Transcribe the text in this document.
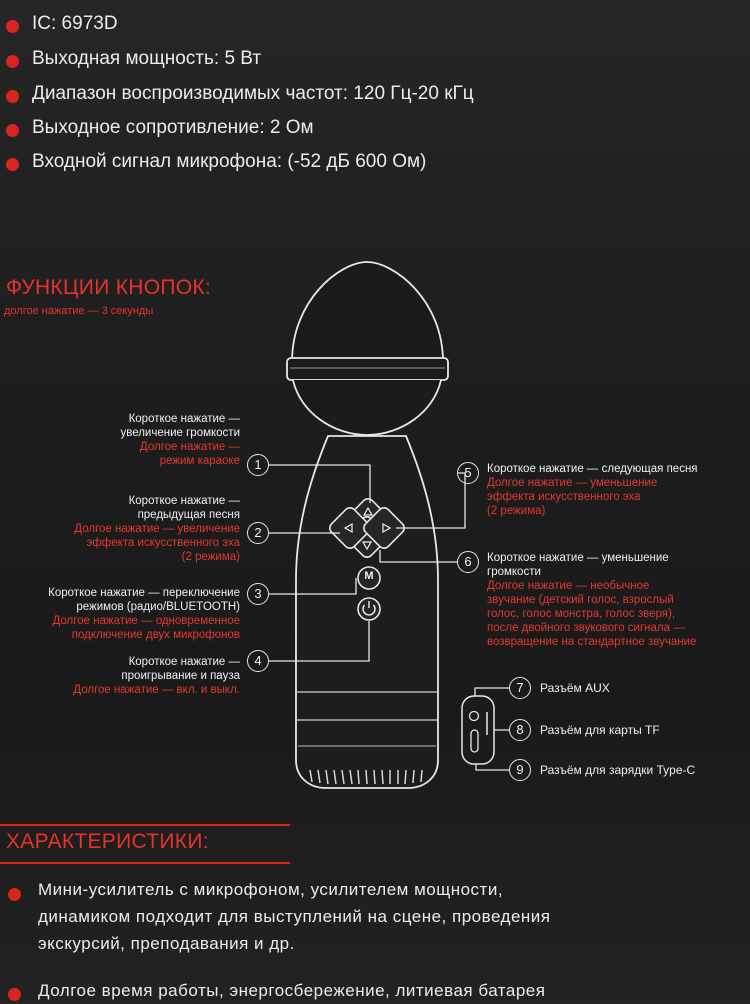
IC: 6973D
Выходная мощность: 5 Вт
Диапазон воспроизводимых частот: 120 Гц-20 кГц
Выходное сопротивление: 2 Ом
Входной сигнал микрофона: (-52 дБ 600 Ом)
ФУНКЦИИ КНОПОК:
долгое нажатие — 3 секунды
M
1
2
3
4
5
6
7
8
9
Короткое нажатие —
увеличение громкости
Долгое нажатие —
режим караоке
Короткое нажатие —
предыдущая песня
Долгое нажатие — увеличение
эффекта искусственного эха
(2 режима)
Короткое нажатие — переключение
режимов (радио/BLUETOOTH)
Долгое нажатие — одновременное
подключение двух микрофонов
Короткое нажатие —
проигрывание и пауза
Долгое нажатие — вкл. и выкл.
Короткое нажатие — следующая песня
Долгое нажатие — уменьшение
эффекта искусственного эха
(2 режима)
Короткое нажатие — уменьшение
громкости
Долгое нажатие — необычное
звучание (детский голос, взрослый
голос, голос монстра, голос зверя),
после двойного звукового сигнала —
возвращение на стандартное звучание
Разъём AUX
Разъём для карты TF
Разъём для зарядки Type-C
ХАРАКТЕРИСТИКИ:
Мини-усилитель с микрофоном, усилителем мощности,
динамиком подходит для выступлений на сцене, проведения
экскурсий, преподавания и др.
Долгое время работы, энергосбережение, литиевая батарея
